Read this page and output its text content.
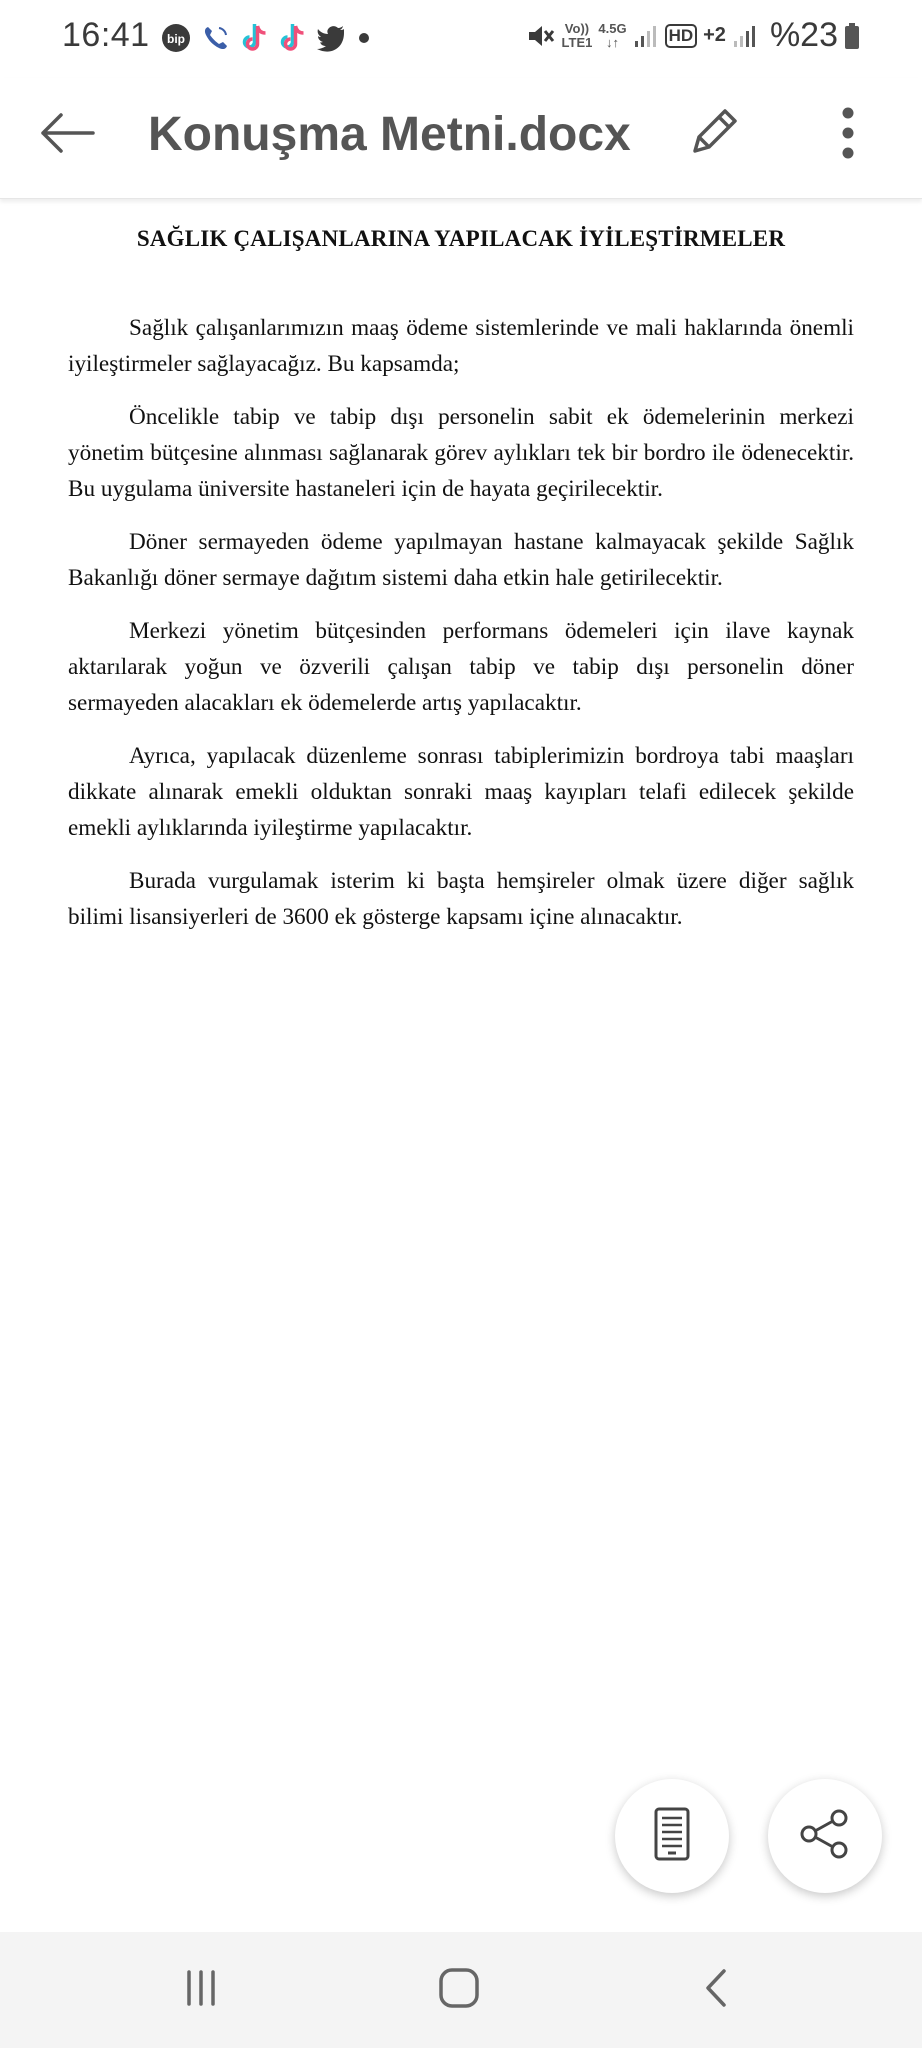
16:41 bip
Vo))
LTE1
4.5G
↓↑	HD +2 %23
Konuşma Metni.docx
SAĞLIK ÇALIŞANLARINA YAPILACAK İYİLEŞTİRMELER

Sağlık çalışanlarımızın maaş ödeme sistemlerinde ve mali haklarında önemli iyileştirmeler sağlayacağız. Bu kapsamda;

Öncelikle tabip ve tabip dışı personelin sabit ek ödemelerinin merkezi yönetim bütçesine alınması sağlanarak görev aylıkları tek bir bordro ile ödenecektir. Bu uygulama üniversite hastaneleri için de hayata geçirilecektir.

Döner sermayeden ödeme yapılmayan hastane kalmayacak şekilde Sağlık Bakanlığı döner sermaye dağıtım sistemi daha etkin hale getirilecektir.

Merkezi yönetim bütçesinden performans ödemeleri için ilave kaynak aktarılarak yoğun ve özverili çalışan tabip ve tabip dışı personelin döner sermayeden alacakları ek ödemelerde artış yapılacaktır.

Ayrıca, yapılacak düzenleme sonrası tabiplerimizin bordroya tabi maaşları dikkate alınarak emekli olduktan sonraki maaş kayıpları telafi edilecek şekilde emekli aylıklarında iyileştirme yapılacaktır.

Burada vurgulamak isterim ki başta hemşireler olmak üzere diğer sağlık bilimi lisansiyerleri de 3600 ek gösterge kapsamı içine alınacaktır.
